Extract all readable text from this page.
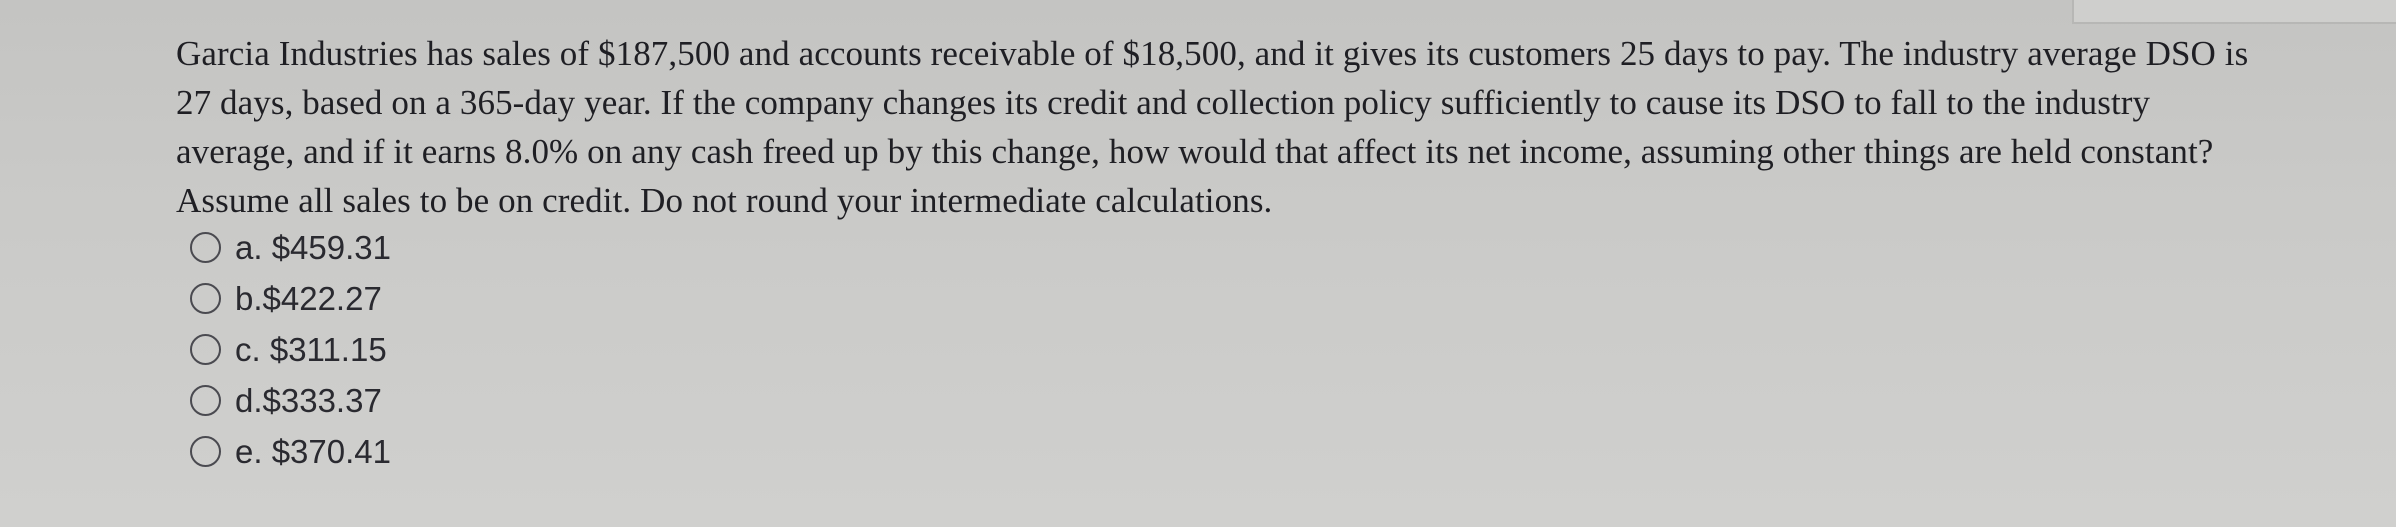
Garcia Industries has sales of $187,500 and accounts receivable of $18,500, and it gives its customers 25 days to pay. The industry average DSO is
27 days, based on a 365-day year. If the company changes its credit and collection policy sufficiently to cause its DSO to fall to the industry
average, and if it earns 8.0% on any cash freed up by this change, how would that affect its net income, assuming other things are held constant?
Assume all sales to be on credit. Do not round your intermediate calculations.

a. $459.31
b.$422.27
c. $311.15
d.$333.37
e. $370.41
